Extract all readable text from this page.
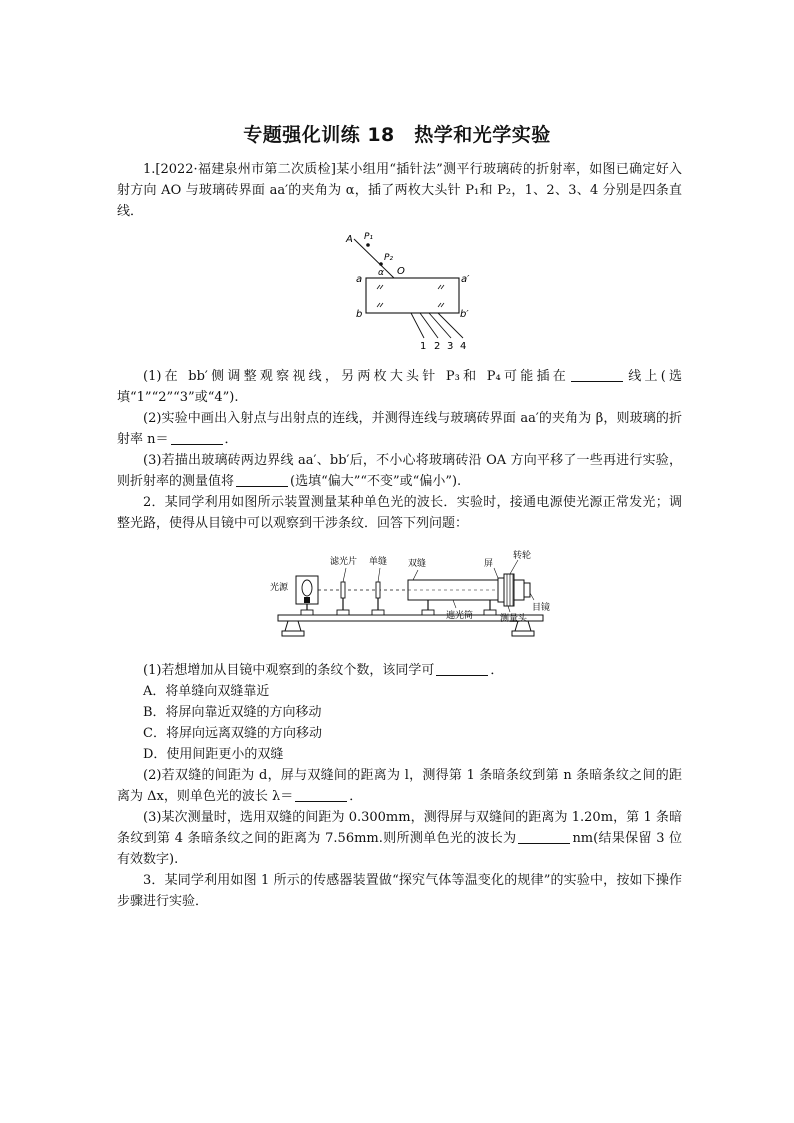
专题强化训练 18　热学和光学实验
1.[2022·福建泉州市第二次质检]某小组用“插针法”测平行玻璃砖的折射率，如图已确定好入射方向 AO 与玻璃砖界面 aa′的夹角为 α，插了两枚大头针 P₁和 P₂，1、2、3、4 分别是四条直线．
A P₁
P₂
α O
a	a′
b	b′
1 2 3 4
(1)在 bb′侧调整观察视线，另两枚大头针 P₃和 P₄可能插在	线上(选填“1”“2”“3”或“4”).
(2)实验中画出入射点与出射点的连线，并测得连线与玻璃砖界面 aa′的夹角为 β，则玻璃的折射率 n＝	．
(3)若描出玻璃砖两边界线 aa′、bb′后，不小心将玻璃砖沿 OA 方向平移了一些再进行实验，则折射率的测量值将	(选填“偏大”“不变”或“偏小”).
2．某同学利用如图所示装置测量某种单色光的波长．实验时，接通电源使光源正常发光；调整光路，使得从目镜中可以观察到干涉条纹．回答下列问题：
光源
滤光片 单缝 双缝
遮光筒
屏
转轮
测量头
目镜
(1)若想增加从目镜中观察到的条纹个数，该同学可	．
A．将单缝向双缝靠近
B．将屏向靠近双缝的方向移动
C．将屏向远离双缝的方向移动
D．使用间距更小的双缝
(2)若双缝的间距为 d，屏与双缝间的距离为 l，测得第 1 条暗条纹到第 n 条暗条纹之间的距离为 Δx，则单色光的波长 λ＝	．
(3)某次测量时，选用双缝的间距为 0.300mm，测得屏与双缝间的距离为 1.20m，第 1 条暗条纹到第 4 条暗条纹之间的距离为 7.56mm.则所测单色光的波长为	nm(结果保留 3 位有效数字).
3．某同学利用如图 1 所示的传感器装置做“探究气体等温变化的规律”的实验中，按如下操作步骤进行实验．
